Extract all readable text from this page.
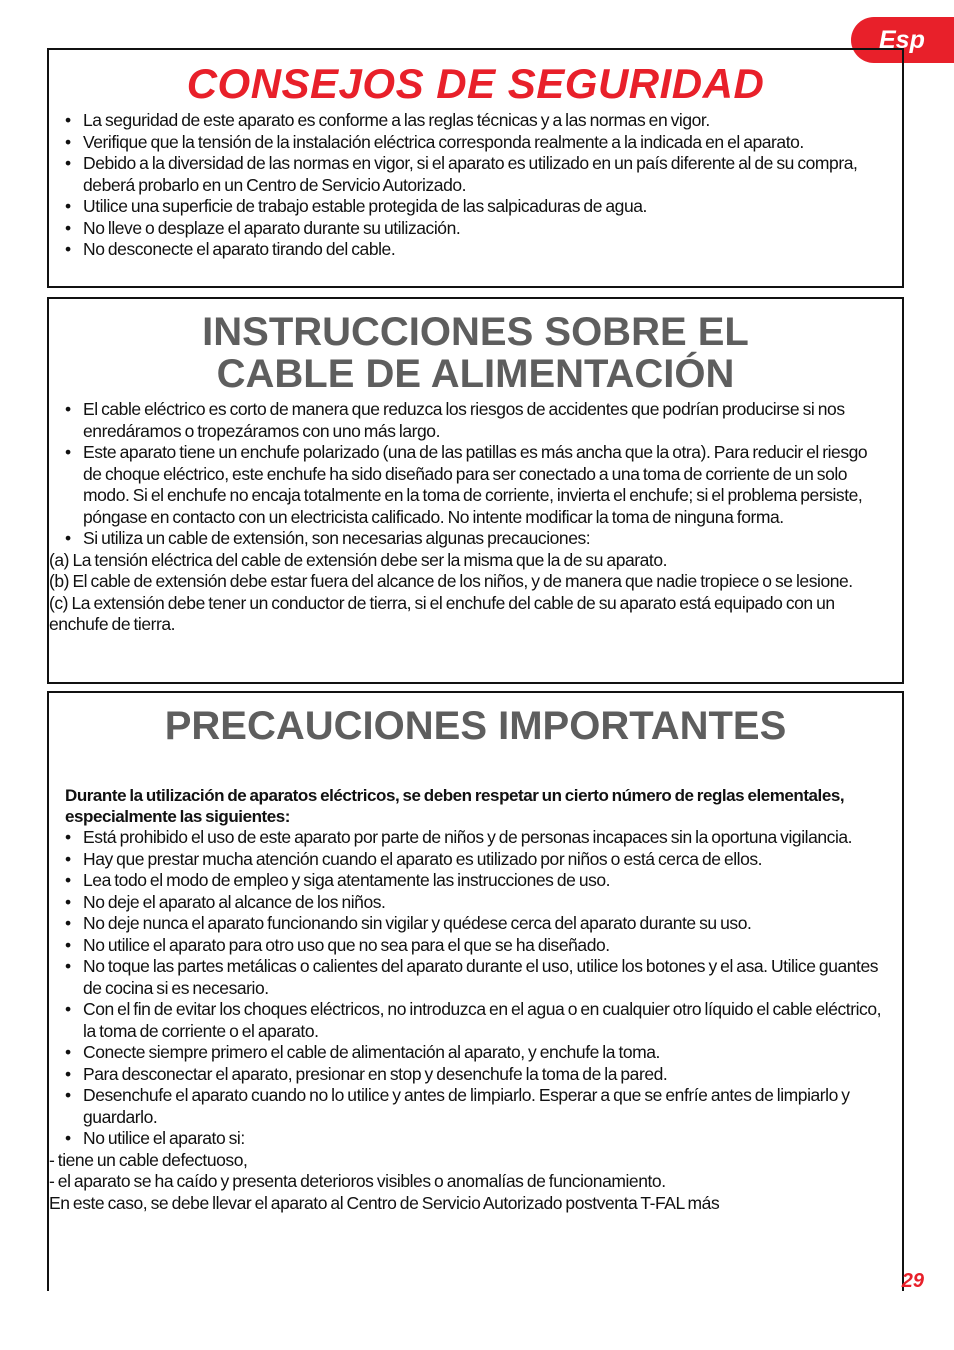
Esp
CONSEJOS DE SEGURIDAD
• La seguridad de este aparato es conforme a las reglas técnicas y a las normas en vigor.
• Verifique que la tensión de la instalación eléctrica corresponda realmente a la indicada en el aparato.
• Debido a la diversidad de las normas en vigor, si el aparato es utilizado en un país diferente al de su compra, deberá probarlo en un Centro de Servicio Autorizado.
• Utilice una superficie de trabajo estable protegida de las salpicaduras de agua.
• No lleve o desplaze el aparato durante su utilización.
• No desconecte el aparato tirando del cable.
INSTRUCCIONES SOBRE EL
CABLE DE ALIMENTACIÓN
• El cable eléctrico es corto de manera que reduzca los riesgos de accidentes que podrían producirse si nos enredáramos o tropezáramos con uno más largo.
• Este aparato tiene un enchufe polarizado (una de las patillas es más ancha que la otra). Para reducir el riesgo de choque eléctrico, este enchufe ha sido diseñado para ser conectado a una toma de corriente de un solo modo. Si el enchufe no encaja totalmente en la toma de corriente, invierta el enchufe; si el problema persiste, póngase en contacto con un electricista calificado. No intente modificar la toma de ninguna forma.
• Si utiliza un cable de extensión, son necesarias algunas precauciones:
(a) La tensión eléctrica del cable de extensión debe ser la misma que la de su aparato.
(b) El cable de extensión debe estar fuera del alcance de los niños, y de manera que nadie tropiece o se lesione.
(c) La extensión debe tener un conductor de tierra, si el enchufe del cable de su aparato está equipado con un enchufe de tierra.
PRECAUCIONES IMPORTANTES

Durante la utilización de aparatos eléctricos, se deben respetar un cierto número de reglas elementales, especialmente las siguientes:

• Está prohibido el uso de este aparato por parte de niños y de personas incapaces sin la oportuna vigilancia.
• Hay que prestar mucha atención cuando el aparato es utilizado por niños o está cerca de ellos.
• Lea todo el modo de empleo y siga atentamente las instrucciones de uso.
• No deje el aparato al alcance de los niños.
• No deje nunca el aparato funcionando sin vigilar y quédese cerca del aparato durante su uso.
• No utilice el aparato para otro uso que no sea para el que se ha diseñado.
• No toque las partes metálicas o calientes del aparato durante el uso, utilice los botones y el asa. Utilice guantes de cocina si es necesario.
• Con el fin de evitar los choques eléctricos, no introduzca en el agua o en cualquier otro líquido el cable eléctrico, la toma de corriente o el aparato.
• Conecte siempre primero el cable de alimentación al aparato, y enchufe la toma.
• Para desconectar el aparato, presionar en stop y desenchufe la toma de la pared.
• Desenchufe el aparato cuando no lo utilice y antes de limpiarlo. Esperar a que se enfríe antes de limpiarlo y guardarlo.
• No utilice el aparato si:
- tiene un cable defectuoso,
- el aparato se ha caído y presenta deterioros visibles o anomalías de funcionamiento.
En este caso, se debe llevar el aparato al Centro de Servicio Autorizado postventa T-FAL más
29
